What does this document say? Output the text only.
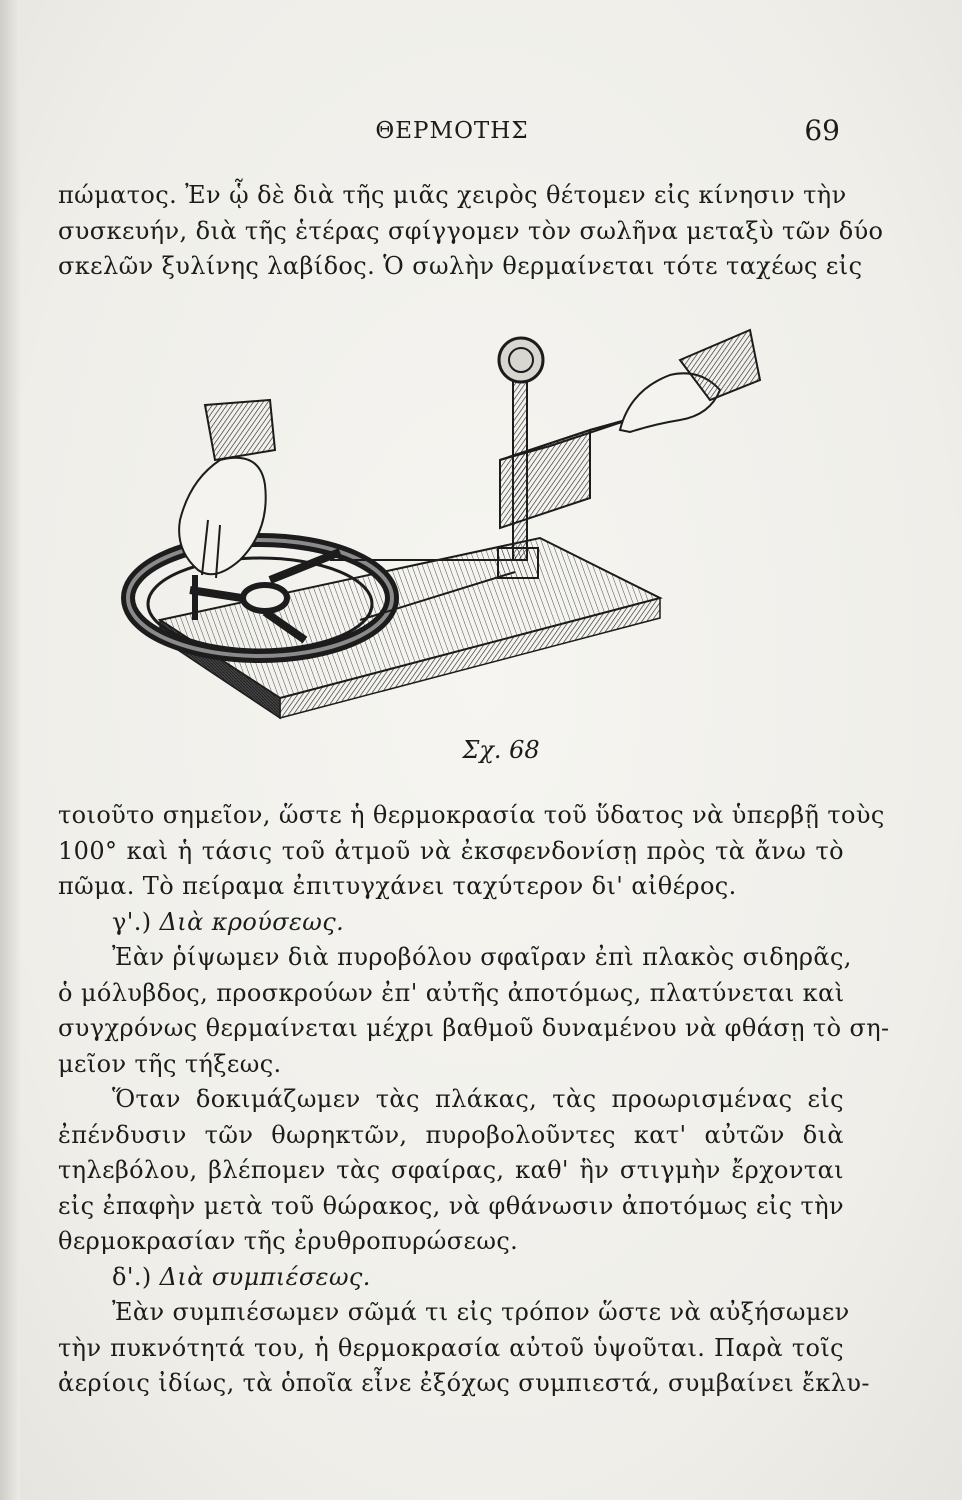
ΘΕΡΜΟΤΗΣ	69
πώματος. Ἐν ᾧ δὲ διὰ τῆς μιᾶς χειρὸς θέτομεν εἰς κίνησιν τὴν
συσκευήν, διὰ τῆς ἑτέρας σφίγγομεν τὸν σωλῆνα μεταξὺ τῶν δύο
σκελῶν ξυλίνης λαβίδος. Ὁ σωλὴν θερμαίνεται τότε ταχέως εἰς
Σχ. 68
τοιοῦτο σημεῖον, ὥστε ἡ θερμοκρασία τοῦ ὕδατος νὰ ὑπερβῇ τοὺς
100° καὶ ἡ τάσις τοῦ ἀτμοῦ νὰ ἐκσφενδονίσῃ πρὸς τὰ ἄνω τὸ
πῶμα. Τὸ πείραμα ἐπιτυγχάνει ταχύτερον δι' αἰθέρος.
γ'.) Διὰ κρούσεως.
Ἐὰν ῥίψωμεν διὰ πυροβόλου σφαῖραν ἐπὶ πλακὸς σιδηρᾶς,
ὁ μόλυβδος, προσκρούων ἐπ' αὐτῆς ἀποτόμως, πλατύνεται καὶ
συγχρόνως θερμαίνεται μέχρι βαθμοῦ δυναμένου νὰ φθάσῃ τὸ ση-
μεῖον τῆς τήξεως.
Ὅταν δοκιμάζωμεν τὰς πλάκας, τὰς προωρισμένας εἰς
ἐπένδυσιν τῶν θωρηκτῶν, πυροβολοῦντες κατ' αὐτῶν διὰ
τηλεβόλου, βλέπομεν τὰς σφαίρας, καθ' ἣν στιγμὴν ἔρχονται
εἰς ἐπαφὴν μετὰ τοῦ θώρακος, νὰ φθάνωσιν ἀποτόμως εἰς τὴν
θερμοκρασίαν τῆς ἐρυθροπυρώσεως.
δ'.) Διὰ συμπιέσεως.
Ἐὰν συμπιέσωμεν σῶμά τι εἰς τρόπον ὥστε νὰ αὐξήσωμεν
τὴν πυκνότητά του, ἡ θερμοκρασία αὐτοῦ ὑψοῦται. Παρὰ τοῖς
ἀερίοις ἰδίως, τὰ ὁποῖα εἶνε ἐξόχως συμπιεστά, συμβαίνει ἔκλυ-
